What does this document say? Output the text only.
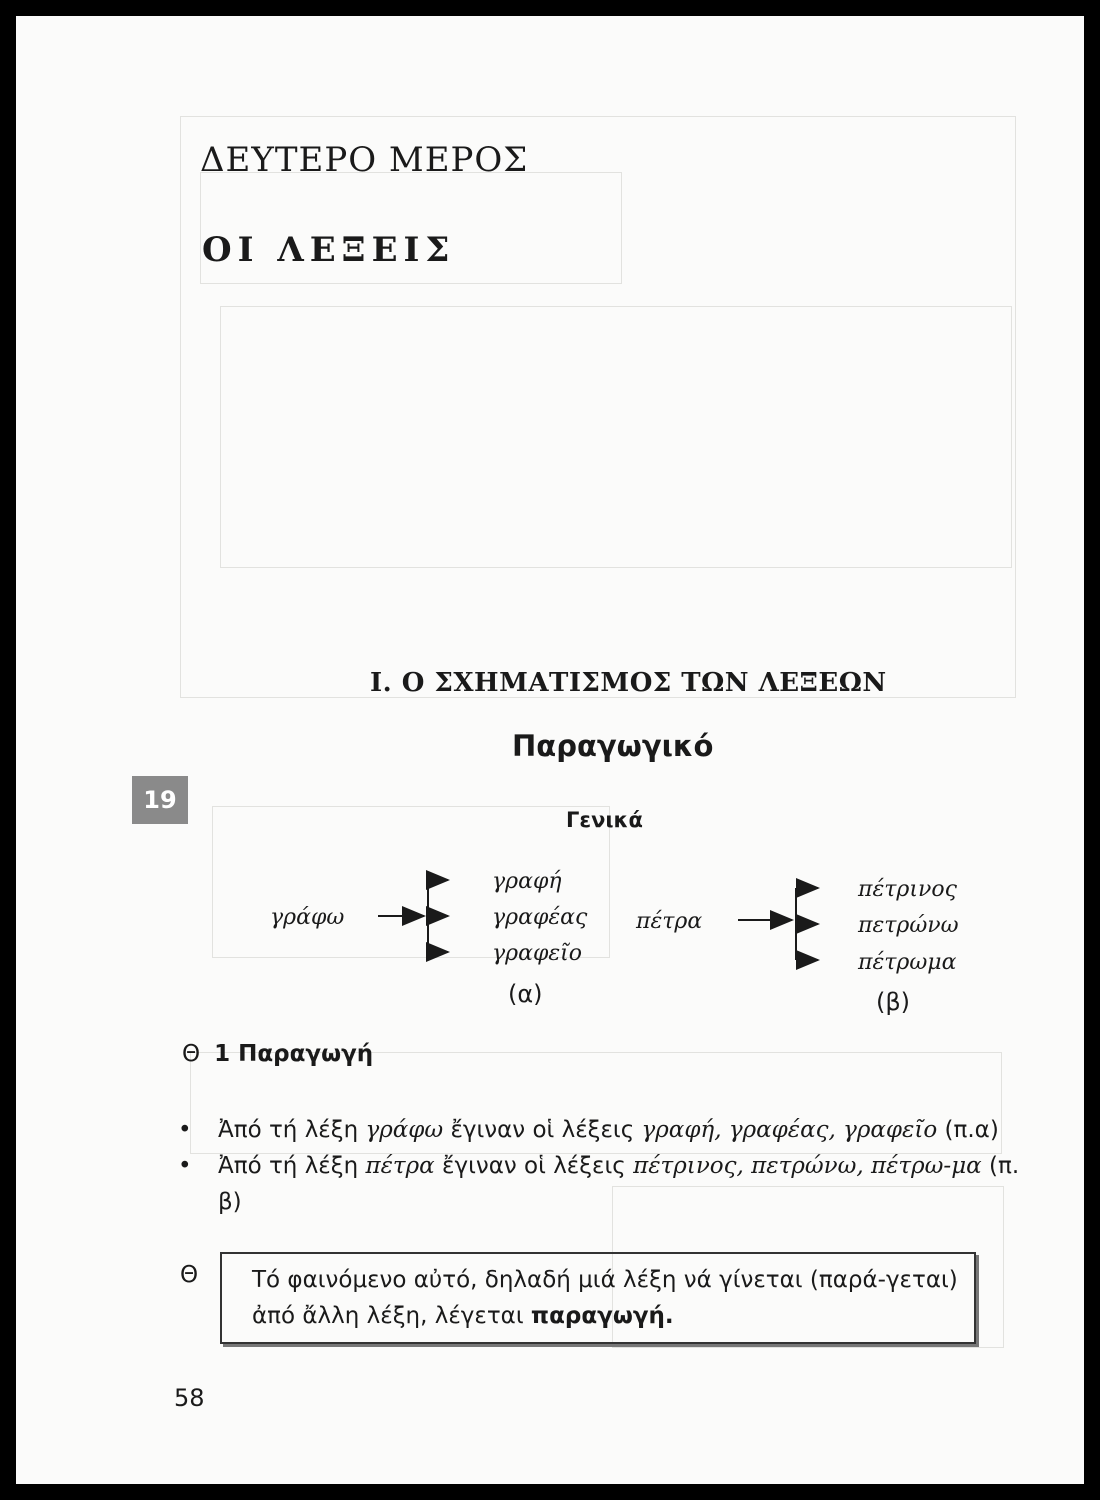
ΔΕΥΤΕΡΟ ΜΕΡΟΣ
ΟΙ ΛΕΞΕΙΣ
Ι. Ο ΣΧΗΜΑΤΙΣΜΟΣ ΤΩΝ ΛΕΞΕΩΝ
Παραγωγικό
19
Γενικά
γράφω
γραφή
γραφέας
γραφεῖο
(α)
πέτρα
πέτρινος
πετρώνω
πέτρωμα
(β)
Θ 1 Παραγωγή
•	Ἀπό τή λέξη γράφω ἔγιναν οἱ λέξεις γραφή, γραφέας, γραφεῖο (π.α)
•	Ἀπό τή λέξη πέτρα ἔγιναν οἱ λέξεις πέτρινος, πετρώνω, πέτρω-μα (π. β)
Θ	Τό φαινόμενο αὐτό, δηλαδή μιά λέξη νά γίνεται (παρά-γεται) ἀπό ἄλλη λέξη, λέγεται παραγωγή.
58
